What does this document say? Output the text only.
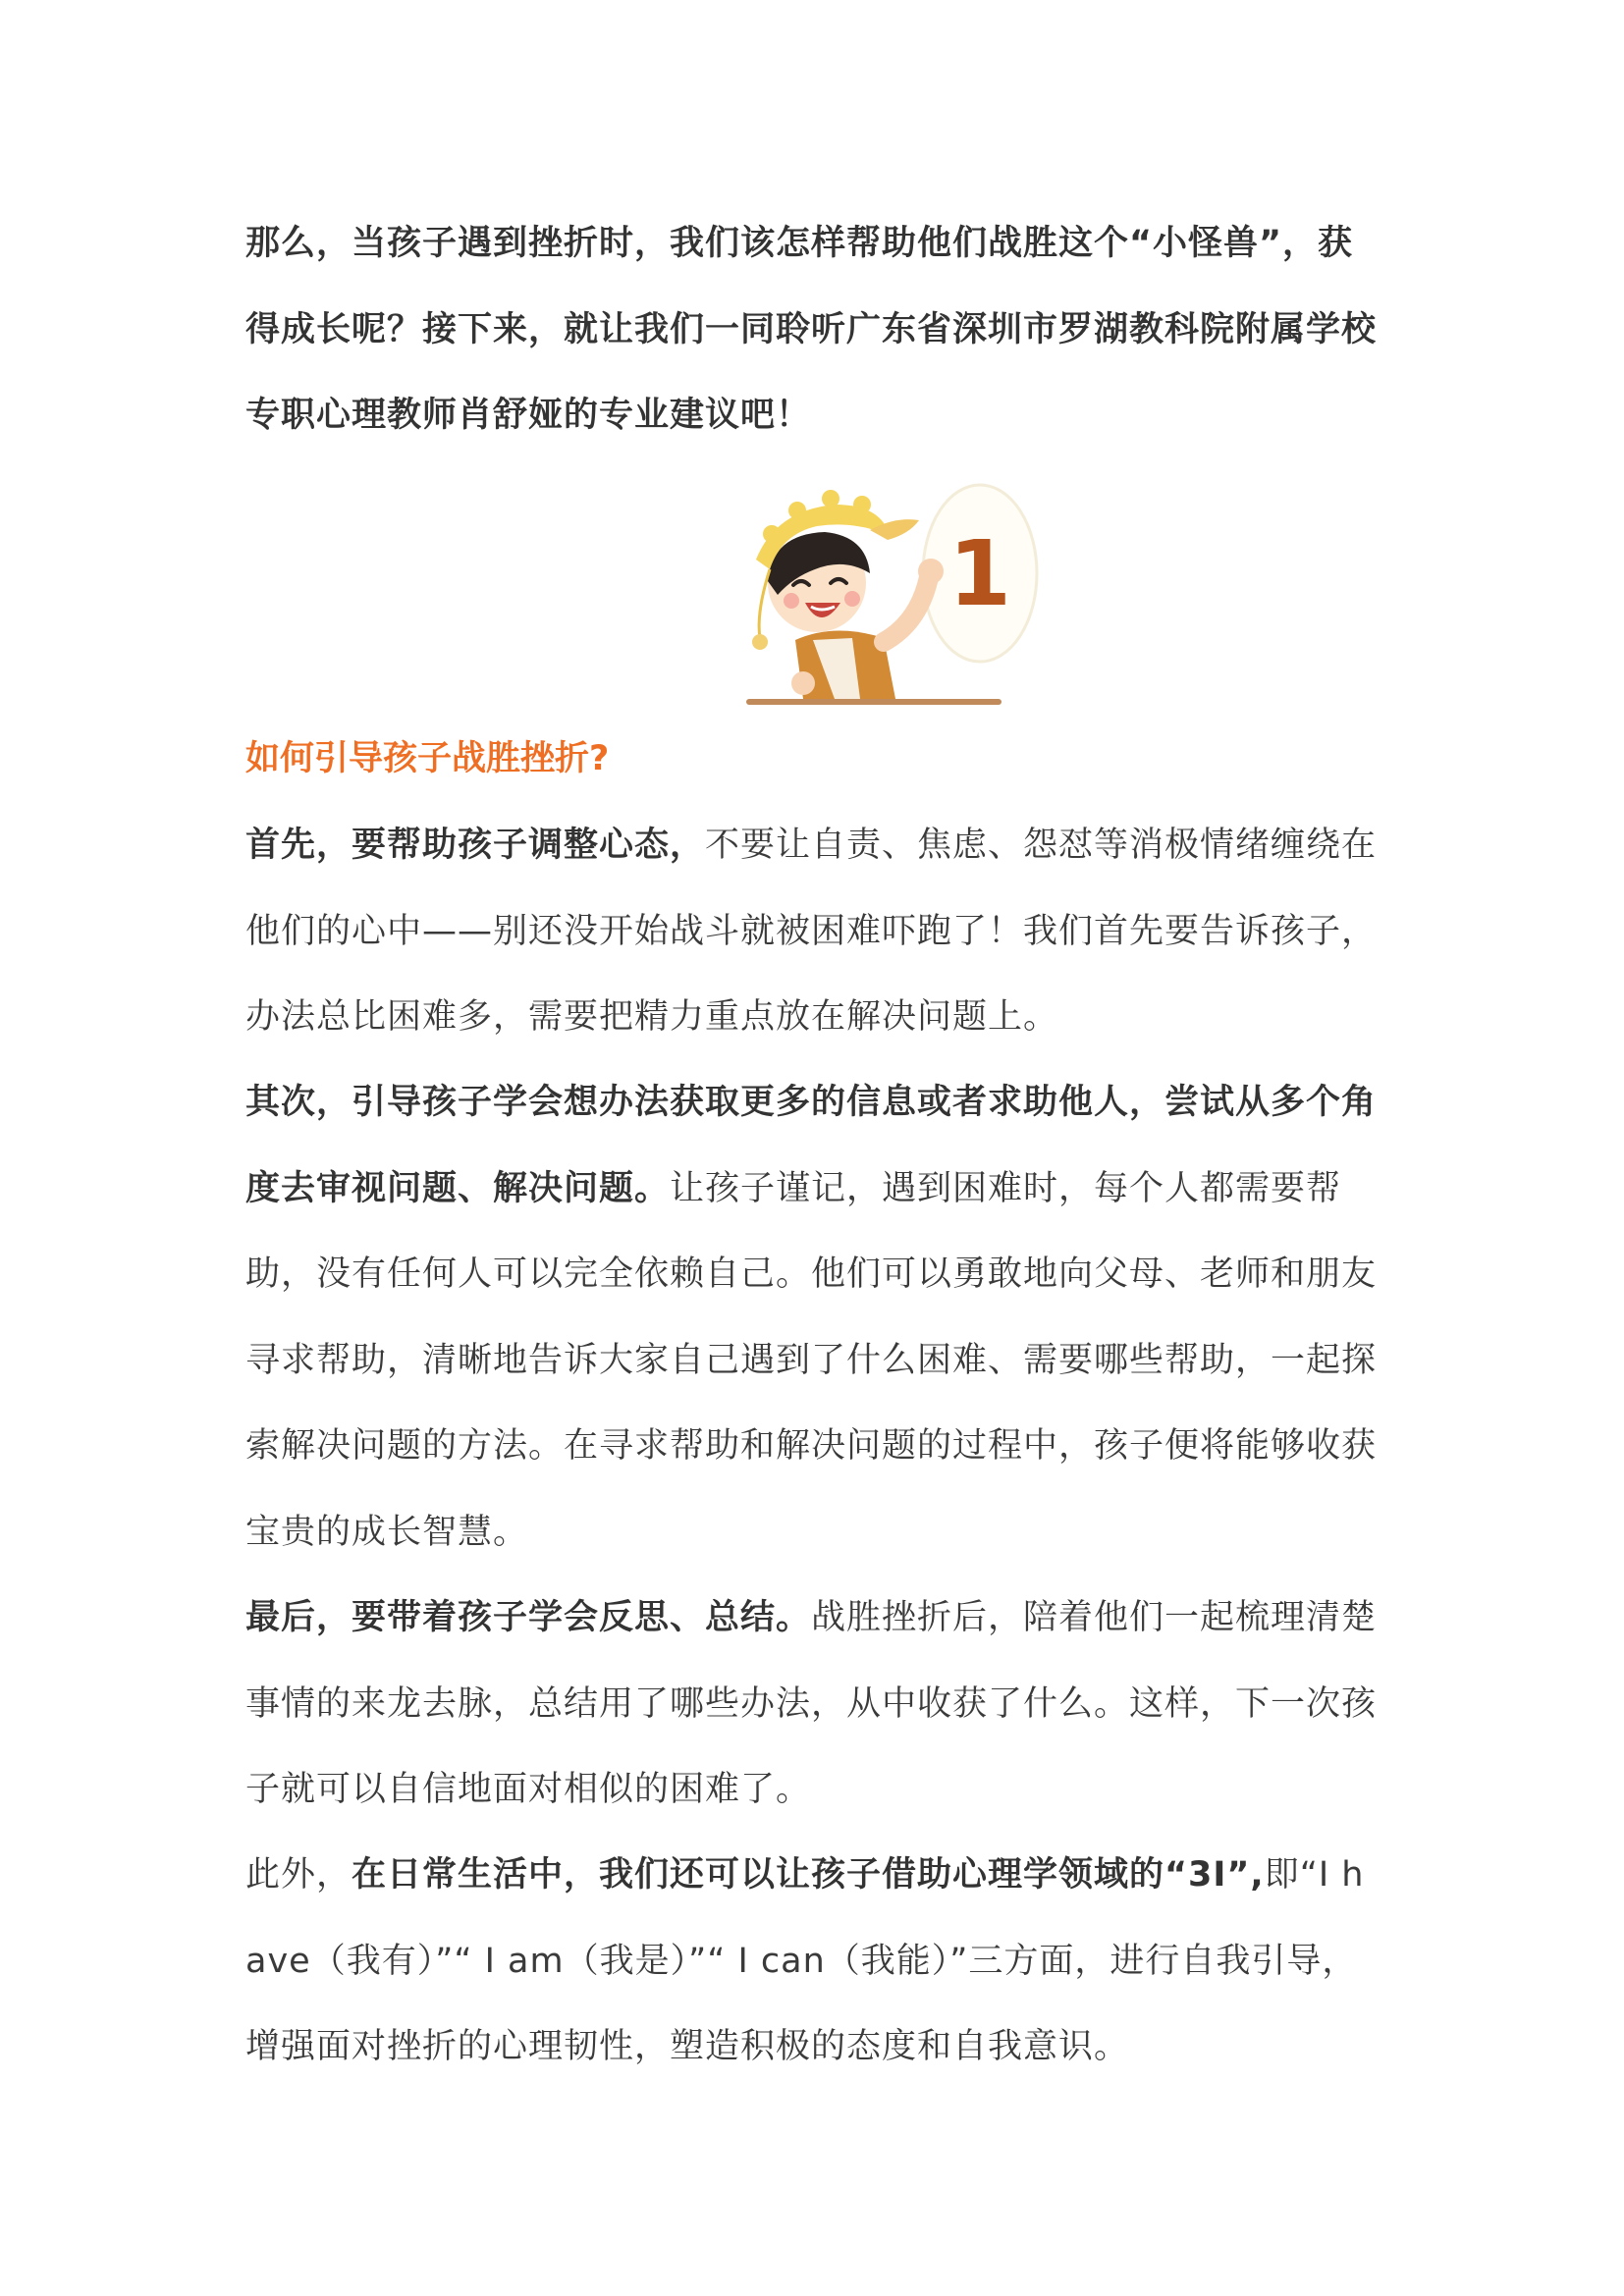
那么，当孩子遇到挫折时，我们该怎样帮助他们战胜这个“小怪兽”，获得成长呢？接下来，就让我们一同聆听广东省深圳市罗湖教科院附属学校专职心理教师肖舒娅的专业建议吧！

1

如何引导孩子战胜挫折?

首先，要帮助孩子调整心态，不要让自责、焦虑、怨怼等消极情绪缠绕在他们的心中——别还没开始战斗就被困难吓跑了！我们首先要告诉孩子，办法总比困难多，需要把精力重点放在解决问题上。

其次，引导孩子学会想办法获取更多的信息或者求助他人，尝试从多个角度去审视问题、解决问题。让孩子谨记，遇到困难时，每个人都需要帮助，没有任何人可以完全依赖自己。他们可以勇敢地向父母、老师和朋友寻求帮助，清晰地告诉大家自己遇到了什么困难、需要哪些帮助，一起探索解决问题的方法。在寻求帮助和解决问题的过程中，孩子便将能够收获宝贵的成长智慧。

最后，要带着孩子学会反思、总结。战胜挫折后，陪着他们一起梳理清楚事情的来龙去脉，总结用了哪些办法，从中收获了什么。这样，下一次孩子就可以自信地面对相似的困难了。

此外，在日常生活中，我们还可以让孩子借助心理学领域的“3I”,即“I have（我有）”“ I am（我是）”“ I can（我能）”三方面，进行自我引导，增强面对挫折的心理韧性，塑造积极的态度和自我意识。
